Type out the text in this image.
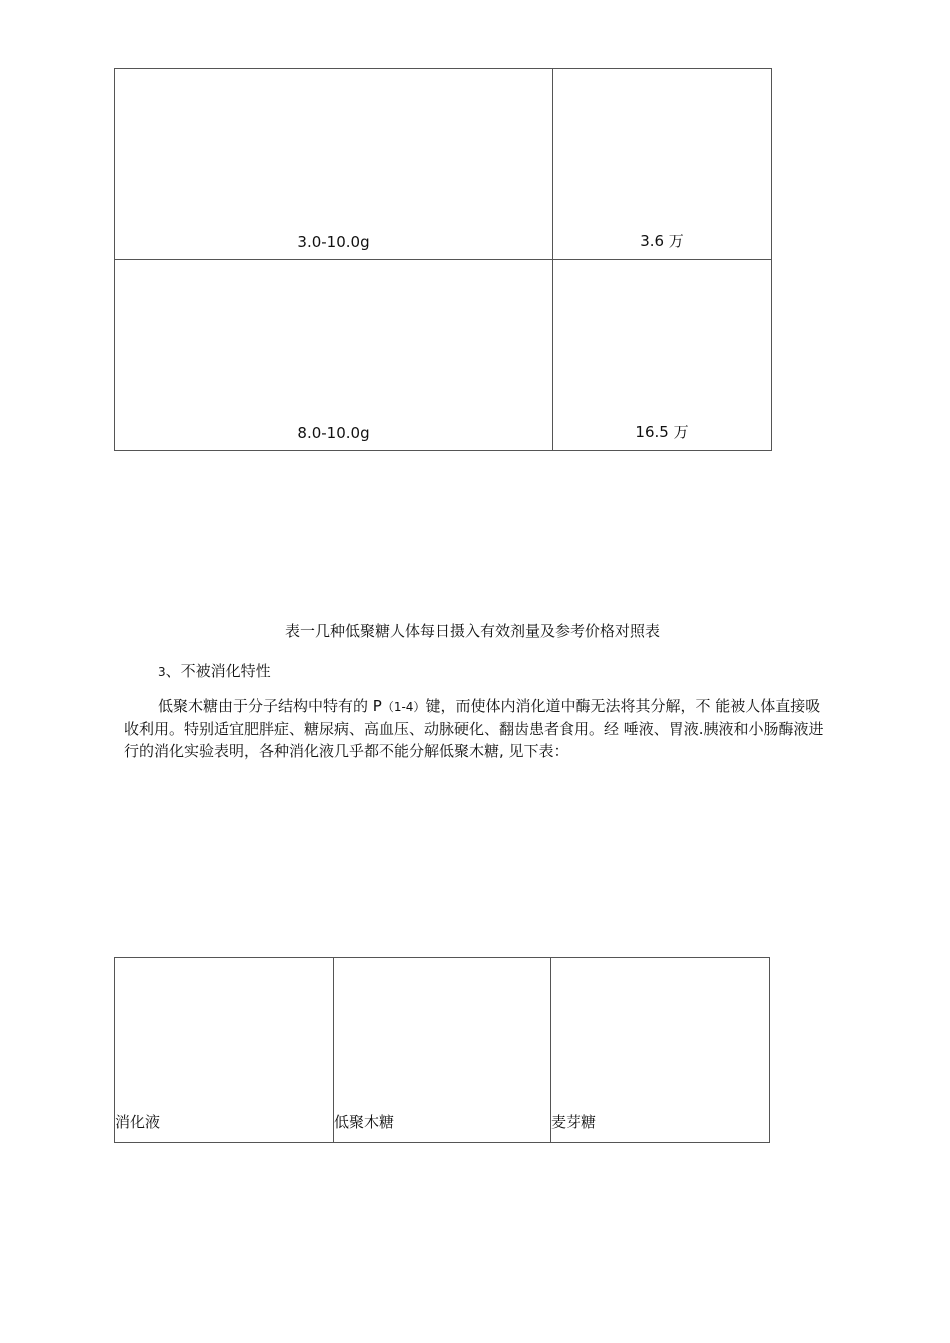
3.0-10.0g	3.6 万
8.0-10.0g	16.5 万
表一几种低聚糖人体每日摄入有效剂量及参考价格对照表
3、不被消化特性
低聚木糖由于分子结构中特有的 Р（1-4）键，而使体内消化道中酶无法将其分解，不 能被人体直接吸收利用。特别适宜肥胖症、糖尿病、高血压、动脉硬化、翻齿患者食用。经 唾液、胃液.胰液和小肠酶液进行的消化实验表明，各种消化液几乎都不能分解低聚木糖, 见下表：
消化液	低聚木糖	麦芽糖
